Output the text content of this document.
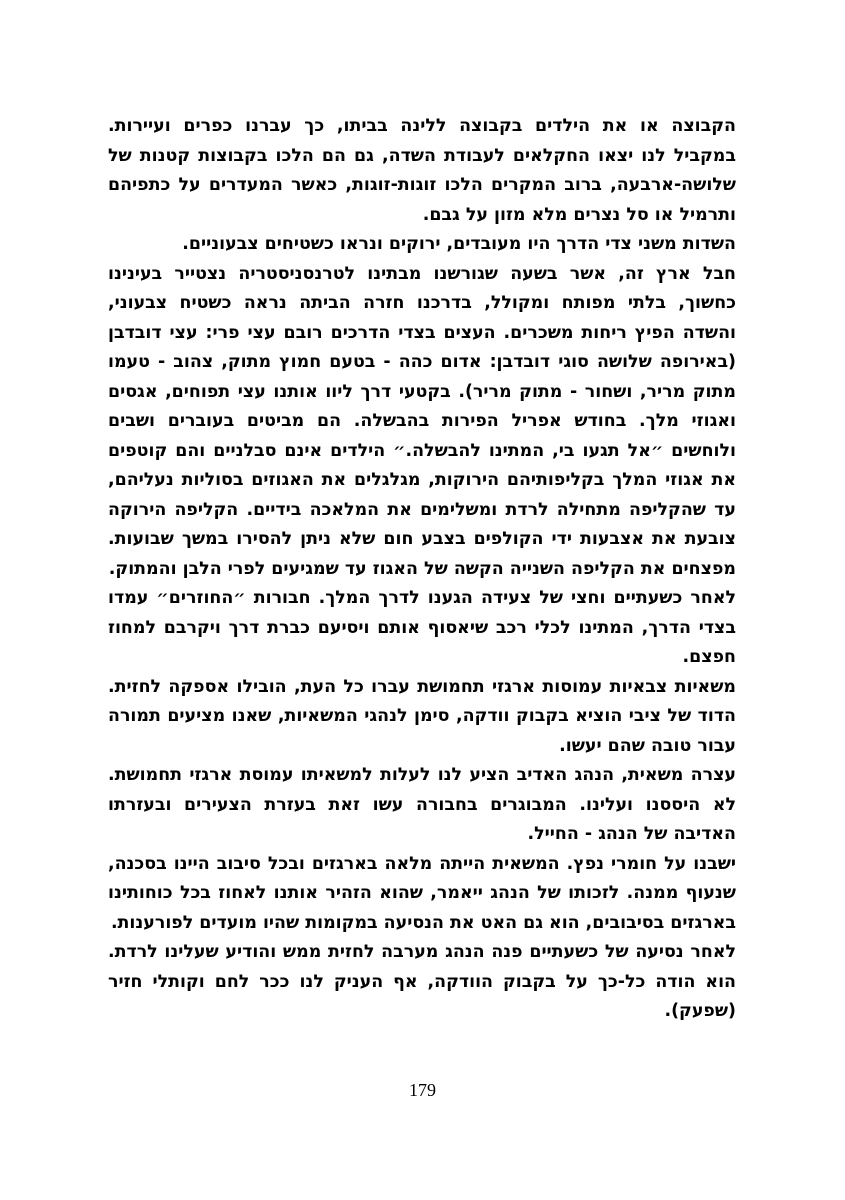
הקבוצה או את הילדים בקבוצה ללינה בביתו, כך עברנו כפרים ועיירות. במקביל לנו יצאו החקלאים לעבודת השדה, גם הם הלכו בקבוצות קטנות של שלושה-ארבעה, ברוב המקרים הלכו זוגות-זוגות, כאשר המעדרים על כתפיהם ותרמיל או סל נצרים מלא מזון על גבם.

השדות משני צדי הדרך היו מעובדים, ירוקים ונראו כשטיחים צבעוניים.

חבל ארץ זה, אשר בשעה שגורשנו מבתינו לטרנסניסטריה נצטייר בעינינו כחשוך, בלתי מפותח ומקולל, בדרכנו חזרה הביתה נראה כשטיח צבעוני, והשדה הפיץ ריחות משכרים. העצים בצדי הדרכים רובם עצי פרי: עצי דובדבן (באירופה שלושה סוגי דובדבן: אדום כהה - בטעם חמוץ מתוק, צהוב - טעמו מתוק מריר, ושחור - מתוק מריר). בקטעי דרך ליוו אותנו עצי תפוחים, אגסים ואגוזי מלך. בחודש אפריל הפירות בהבשלה. הם מביטים בעוברים ושבים ולוחשים ״אל תגעו בי, המתינו להבשלה.״ הילדים אינם סבלניים והם קוטפים את אגוזי המלך בקליפותיהם הירוקות, מגלגלים את האגוזים בסוליות נעליהם, עד שהקליפה מתחילה לרדת ומשלימים את המלאכה בידיים. הקליפה הירוקה צובעת את אצבעות ידי הקולפים בצבע חום שלא ניתן להסירו במשך שבועות. מפצחים את הקליפה השנייה הקשה של האגוז עד שמגיעים לפרי הלבן והמתוק.

לאחר כשעתיים וחצי של צעידה הגענו לדרך המלך. חבורות ״החוזרים״ עמדו בצדי הדרך, המתינו לכלי רכב שיאסוף אותם ויסיעם כברת דרך ויקרבם למחוז חפצם.

משאיות צבאיות עמוסות ארגזי תחמושת עברו כל העת, הובילו אספקה לחזית. הדוד של ציבי הוציא בקבוק וודקה, סימן לנהגי המשאיות, שאנו מציעים תמורה עבור טובה שהם יעשו.

עצרה משאית, הנהג האדיב הציע לנו לעלות למשאיתו עמוסת ארגזי תחמושת. לא היססנו ועלינו. המבוגרים בחבורה עשו זאת בעזרת הצעירים ובעזרתו האדיבה של הנהג - החייל.

ישבנו על חומרי נפץ. המשאית הייתה מלאה בארגזים ובכל סיבוב היינו בסכנה, שנעוף ממנה. לזכותו של הנהג ייאמר, שהוא הזהיר אותנו לאחוז בכל כוחותינו בארגזים בסיבובים, הוא גם האט את הנסיעה במקומות שהיו מועדים לפורענות.

לאחר נסיעה של כשעתיים פנה הנהג מערבה לחזית ממש והודיע שעלינו לרדת. הוא הודה כל-כך על בקבוק הוודקה, אף העניק לנו ככר לחם וקותלי חזיר (שפעק).

179
